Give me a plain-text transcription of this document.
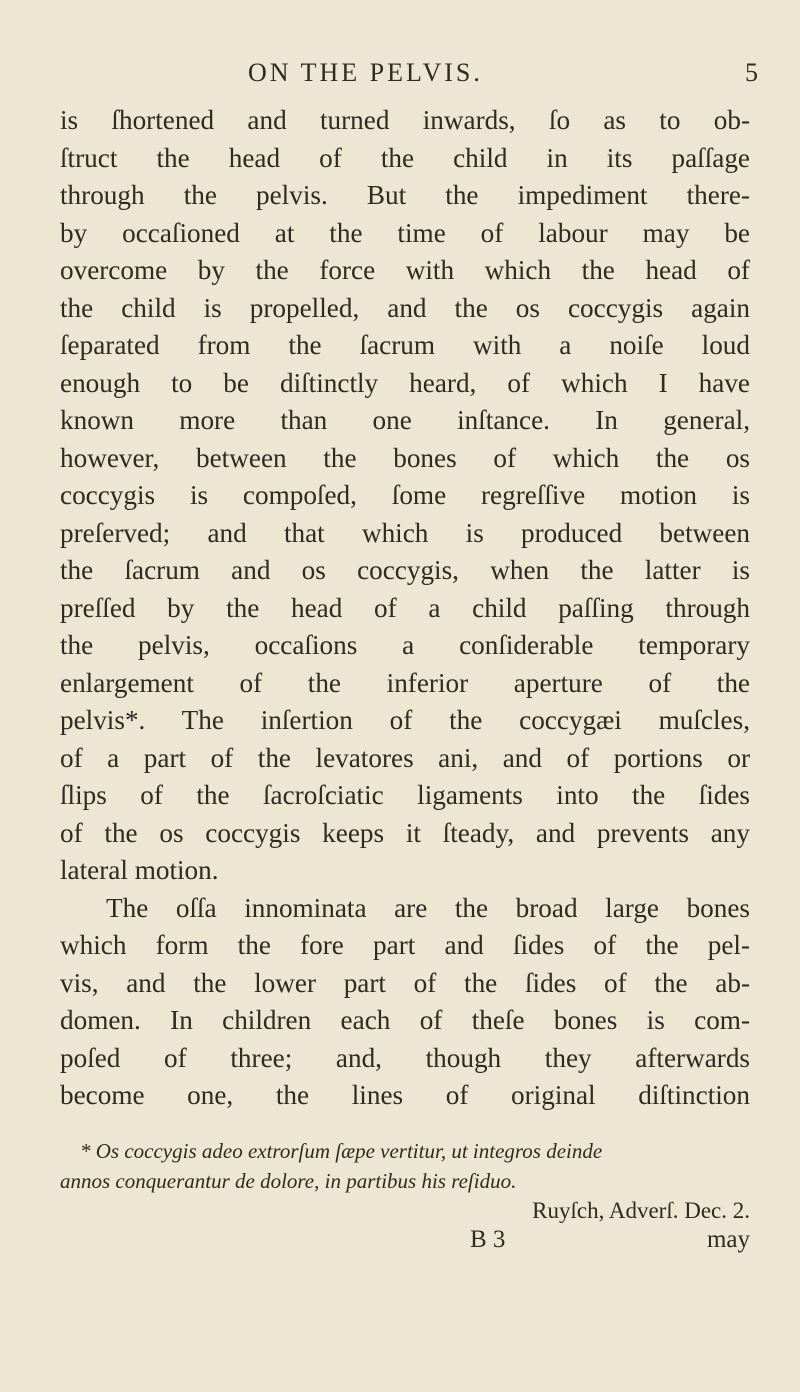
ON THE PELVIS.	5
is ſhortened and turned inwards, ſo as to ob-
ſtruct the head of the child in its paſſage
through the pelvis. But the impediment there-
by occaſioned at the time of labour may be
overcome by the force with which the head of
the child is propelled, and the os coccygis again
ſeparated from the ſacrum with a noiſe loud
enough to be diſtinctly heard, of which I have
known more than one inſtance. In general,
however, between the bones of which the os
coccygis is compoſed, ſome regreſſive motion is
preſerved; and that which is produced between
the ſacrum and os coccygis, when the latter is
preſſed by the head of a child paſſing through
the pelvis, occaſions a conſiderable temporary
enlargement of the inferior aperture of the
pelvis*. The inſertion of the coccygæi muſcles,
of a part of the levatores ani, and of portions or
ſlips of the ſacroſciatic ligaments into the ſides
of the os coccygis keeps it ſteady, and prevents any
lateral motion.
The oſſa innominata are the broad large bones
which form the fore part and ſides of the pel-
vis, and the lower part of the ſides of the ab-
domen. In children each of theſe bones is com-
poſed of three; and, though they afterwards
become one, the lines of original diſtinction
* Os coccygis adeo extrorſum ſæpe vertitur, ut integros deinde
annos conquerantur de dolore, in partibus his reſiduo.
Ruyſch, Adverſ. Dec. 2.
B 3	may
